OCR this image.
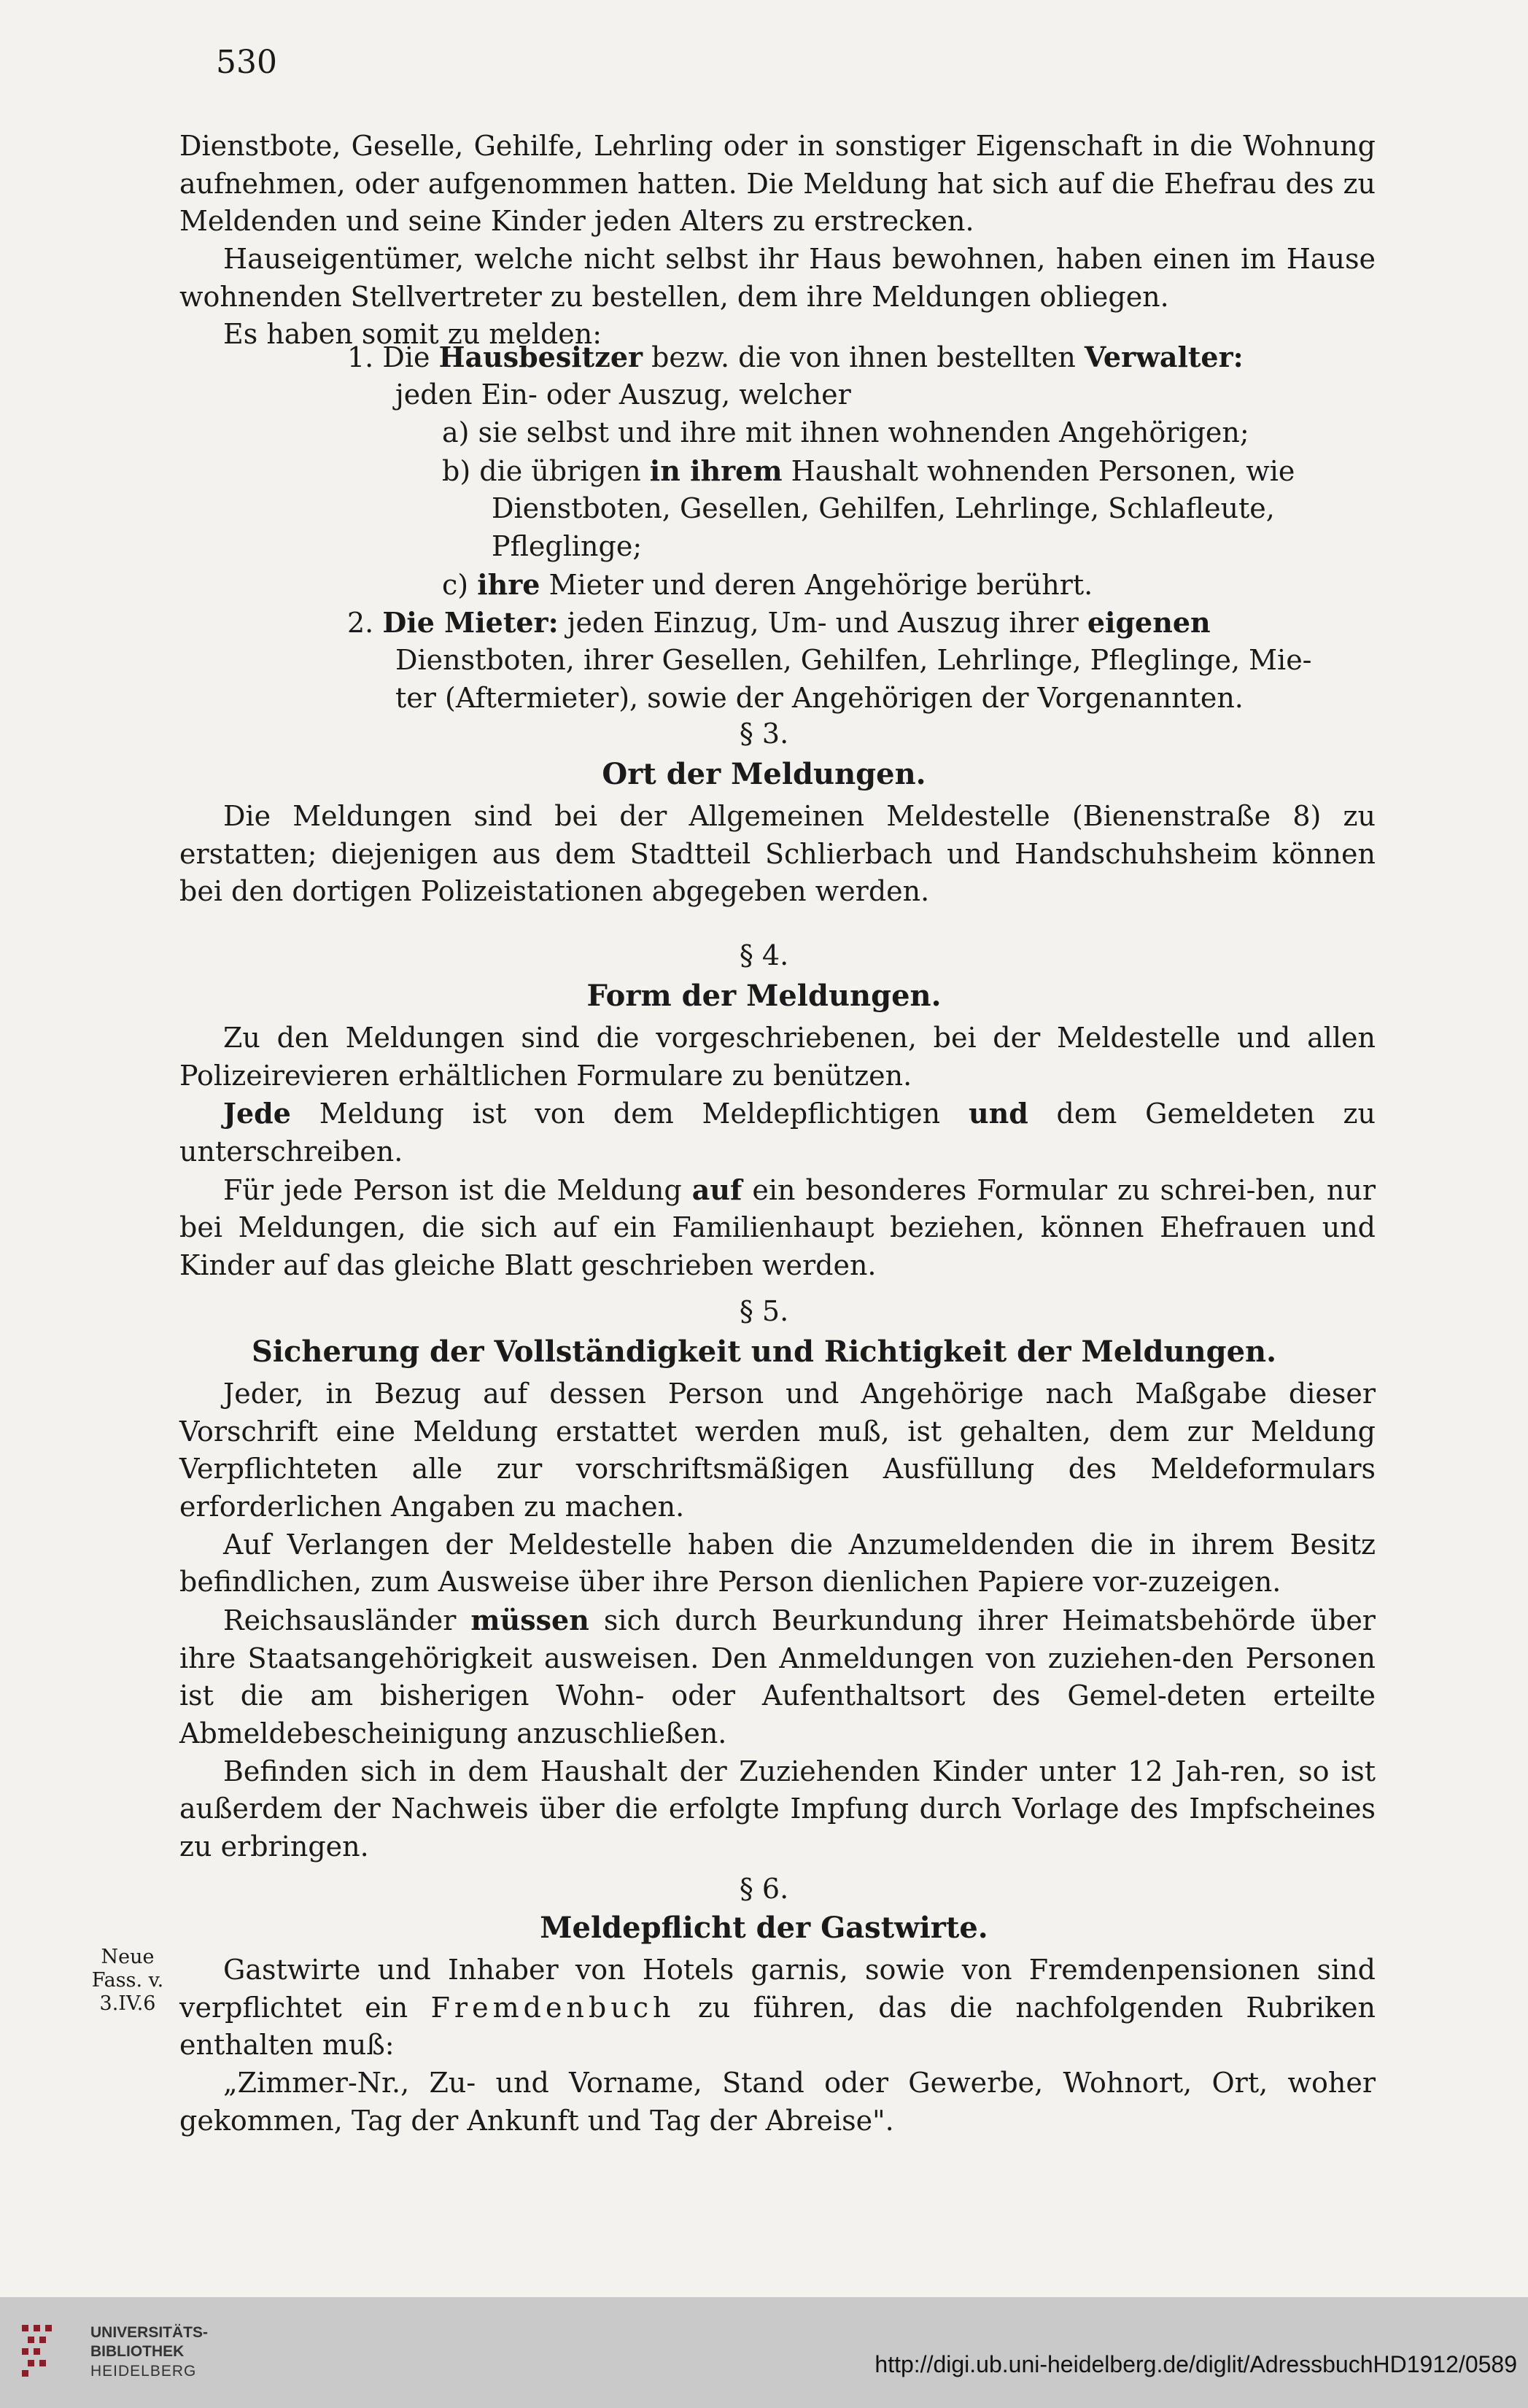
530

Dienstbote, Geselle, Gehilfe, Lehrling oder in sonstiger Eigenschaft in die Wohnung aufnehmen, oder aufgenommen hatten. Die Meldung hat sich auf die Ehefrau des zu Meldenden und seine Kinder jeden Alters zu erstrecken.

Hauseigentümer, welche nicht selbst ihr Haus bewohnen, haben einen im Hause wohnenden Stellvertreter zu bestellen, dem ihre Meldungen obliegen.

Es haben somit zu melden:

1. Die Hausbesitzer bezw. die von ihnen bestellten Verwalter:
jeden Ein- oder Auszug, welcher
a) sie selbst und ihre mit ihnen wohnenden Angehörigen;
b) die übrigen in ihrem Haushalt wohnenden Personen, wie
Dienstboten, Gesellen, Gehilfen, Lehrlinge, Schlafleute,
Pfleglinge;
c) ihre Mieter und deren Angehörige berührt.
2. Die Mieter: jeden Einzug, Um- und Auszug ihrer eigenen
Dienstboten, ihrer Gesellen, Gehilfen, Lehrlinge, Pfleglinge, Mie-
ter (Aftermieter), sowie der Angehörigen der Vorgenannten.
§ 3.
Ort der Meldungen.

Die Meldungen sind bei der Allgemeinen Meldestelle (Bienenstraße 8) zu erstatten; diejenigen aus dem Stadtteil Schlierbach und Handschuhsheim können bei den dortigen Polizeistationen abgegeben werden.

§ 4.
Form der Meldungen.

Zu den Meldungen sind die vorgeschriebenen, bei der Meldestelle und allen Polizeirevieren erhältlichen Formulare zu benützen.

Jede Meldung ist von dem Meldepflichtigen und dem Gemeldeten zu unterschreiben.

Für jede Person ist die Meldung auf ein besonderes Formular zu schrei-ben, nur bei Meldungen, die sich auf ein Familienhaupt beziehen, können Ehefrauen und Kinder auf das gleiche Blatt geschrieben werden.

§ 5.
Sicherung der Vollständigkeit und Richtigkeit der Meldungen.

Jeder, in Bezug auf dessen Person und Angehörige nach Maßgabe dieser Vorschrift eine Meldung erstattet werden muß, ist gehalten, dem zur Meldung Verpflichteten alle zur vorschriftsmäßigen Ausfüllung des Meldeformulars erforderlichen Angaben zu machen.

Auf Verlangen der Meldestelle haben die Anzumeldenden die in ihrem Besitz befindlichen, zum Ausweise über ihre Person dienlichen Papiere vor-zuzeigen.

Reichsausländer müssen sich durch Beurkundung ihrer Heimatsbehörde über ihre Staatsangehörigkeit ausweisen. Den Anmeldungen von zuziehen-den Personen ist die am bisherigen Wohn- oder Aufenthaltsort des Gemel-deten erteilte Abmeldebescheinigung anzuschließen.

Befinden sich in dem Haushalt der Zuziehenden Kinder unter 12 Jah-ren, so ist außerdem der Nachweis über die erfolgte Impfung durch Vorlage des Impfscheines zu erbringen.

§ 6.
Meldepflicht der Gastwirte.
Neue
Fass. v.
3.IV.6

Gastwirte und Inhaber von Hotels garnis, sowie von Fremdenpensionen sind verpflichtet ein Fremdenbuch zu führen, das die nachfolgenden Rubriken enthalten muß:

„Zimmer-Nr., Zu- und Vorname, Stand oder Gewerbe, Wohnort, Ort, woher gekommen, Tag der Ankunft und Tag der Abreise".

UNIVERSITÄTS-
BIBLIOTHEK
HEIDELBERG	http://digi.ub.uni-heidelberg.de/diglit/AdressbuchHD1912/0589
